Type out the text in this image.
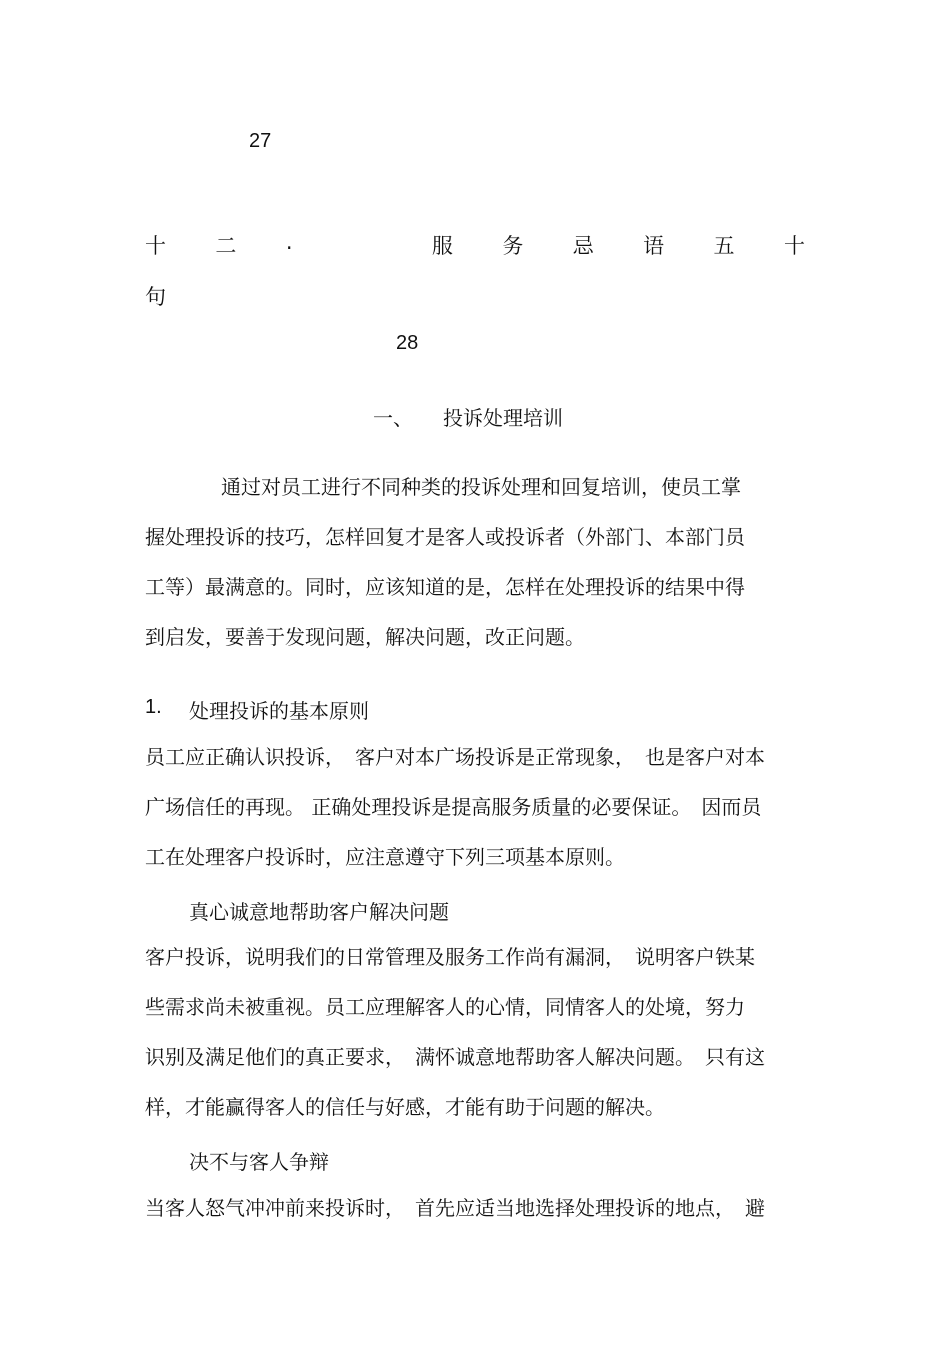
27
十 二 .	服 务 忌 语 五 十
句
28
一、 投诉处理培训
通过对员工进行不同种类的投诉处理和回复培训，使员工掌
握处理投诉的技巧，怎样回复才是客人或投诉者（外部门、本部门员
工等）最满意的。同时，应该知道的是，怎样在处理投诉的结果中得
到启发，要善于发现问题，解决问题，改正问题。
1. 处理投诉的基本原则
员工应正确认识投诉，　客户对本广场投诉是正常现象，　也是客户对本
广场信任的再现。 正确处理投诉是提高服务质量的必要保证。　因而员
工在处理客户投诉时，应注意遵守下列三项基本原则。
真心诚意地帮助客户解决问题
客户投诉，说明我们的日常管理及服务工作尚有漏洞，　说明客户铁某
些需求尚未被重视。员工应理解客人的心情，同情客人的处境，努力
识别及满足他们的真正要求，　满怀诚意地帮助客人解决问题。　只有这
样，才能赢得客人的信任与好感，才能有助于问题的解决。
决不与客人争辩
当客人怒气冲冲前来投诉时，　首先应适当地选择处理投诉的地点，　避
